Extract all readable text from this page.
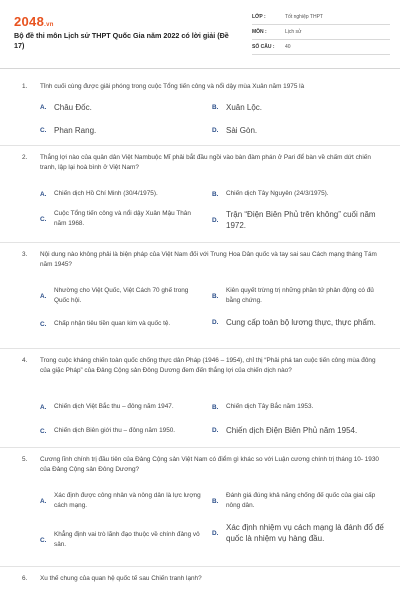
2048.vn
Bộ đề thi môn Lịch sử THPT Quốc Gia năm 2022 có lời giải (Đề 17)
LỚP :	Tốt nghiệp THPT
MÔN :	Lịch sử
SỐ CÂU :	40
1.	Tỉnh cuối cùng được giải phóng trong cuộc Tổng tiến công và nổi dậy mùa Xuân năm 1975 là
A. Châu Đốc.	B. Xuân Lộc.
C. Phan Rang.	D. Sài Gòn.
2.	Thắng lợi nào của quân dân Việt Nambuộc Mĩ phải bắt đầu ngồi vào bàn đàm phán ở Pari để bàn về chấm dứt chiến tranh, lập lại hoà bình ở Việt Nam?
A.	Chiến dịch Hồ Chí Minh (30/4/1975).	B.	Chiến dịch Tây Nguyên (24/3/1975).
C.
Cuộc Tổng tiến công và nổi dậy Xuân Mậu Thân năm 1968.	D.
Trận “Điện Biên Phủ trên không” cuối năm 1972.
3.	Nội dung nào không phải là biện pháp của Việt Nam đối với Trung Hoa Dân quốc và tay sai sau Cách mạng tháng Tám năm 1945?
A.
Nhường cho Việt Quốc, Việt Cách 70 ghế trong Quốc hội.
B.
Kiên quyết trừng trị những phần tử phản động có đủ bằng chứng.
C.	Chấp nhận tiêu tiền quan kim và quốc tệ.	D. Cung cấp toàn bộ lương thực, thực phẩm.
4.	Trong cuộc kháng chiến toàn quốc chống thực dân Pháp (1946 – 1954), chỉ thị “Phải phá tan cuộc tiến công mùa đông của giặc Pháp” của Đảng Cộng sản Đông Dương đem đến thắng lợi của chiến dịch nào?
A.	Chiến dịch Việt Bắc thu – đông năm 1947.	B.	Chiến dịch Tây Bắc năm 1953.
C.	Chiến dịch Biên giới thu – đông năm 1950.	D. Chiến dịch Điện Biên Phủ năm 1954.
5.	Cương lĩnh chính trị đầu tiên của Đảng Cộng sản Việt Nam có điểm gì khác so với Luận cương chính trị tháng 10- 1930 của Đảng Cộng sản Đông Dương?
A.
Xác định được công nhân và nông dân là lực lượng cách mạng.
B.
Đánh giá đúng khả năng chống đế quốc của giai cấp nông dân.
C.
Khẳng định vai trò lãnh đạo thuộc về chính đảng vô sản.
D.
Xác định nhiệm vụ cách mạng là đánh đổ đế quốc là nhiệm vụ hàng đầu.
6.	Xu thế chung của quan hệ quốc tế sau Chiến tranh lạnh?
